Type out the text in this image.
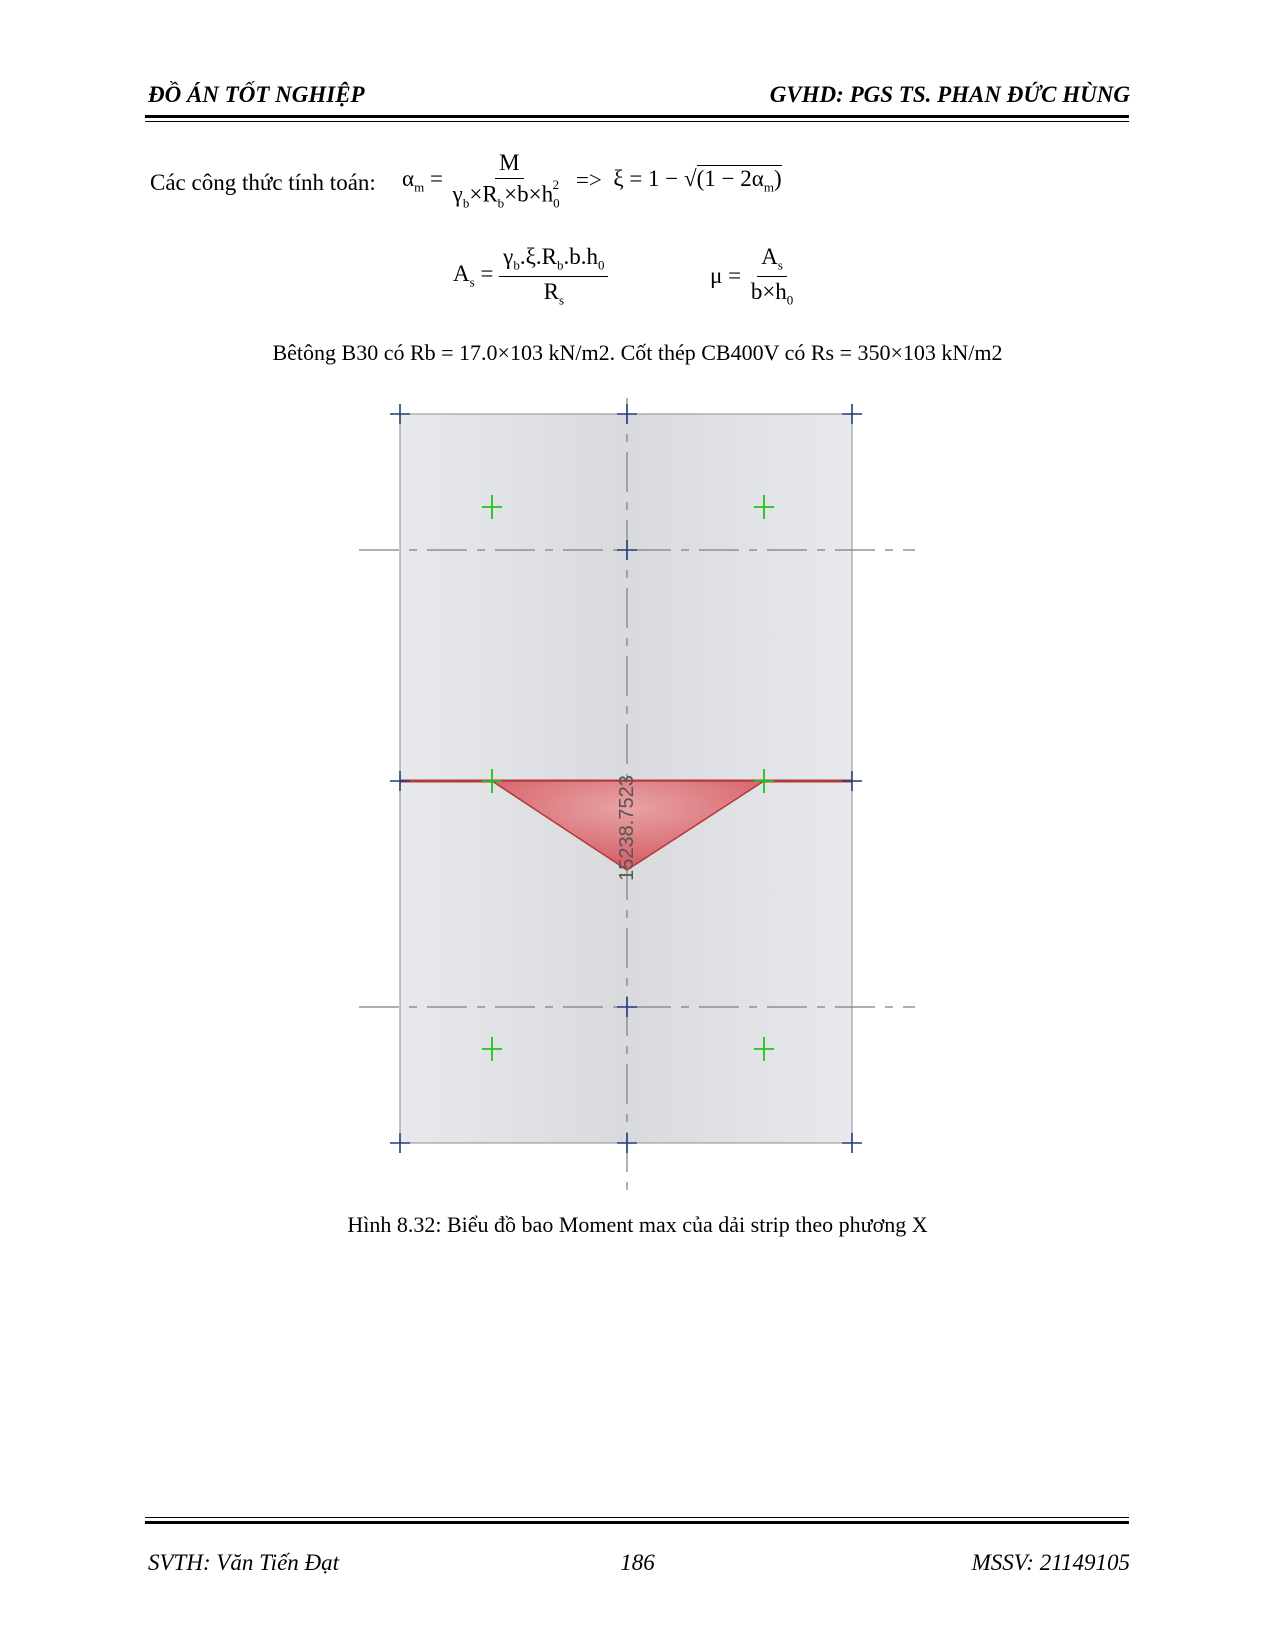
ĐỒ ÁN TỐT NGHIỆP	GVHD: PGS TS. PHAN ĐỨC HÙNG
Các công thức tính toán: $\alpha_m = \frac{M}{\gamma_b\times R_b\times b\times h_0^2} => \xi = 1 - √(1 - 2\alpha_m)$
$A_s = \frac{\gamma_b.\xi.R_b.b.h_0}{R_s}$	$\mu = \frac{A_s}{b\times h_0}$
Bêtông B30 có Rb = 17.0×103 kN/m2. Cốt thép CB400V có Rs = 350×103 kN/m2
15238.7523
Hình 8.32: Biểu đồ bao Moment max của dải strip theo phương X
SVTH: Văn Tiến Đạt	186	MSSV: 21149105
